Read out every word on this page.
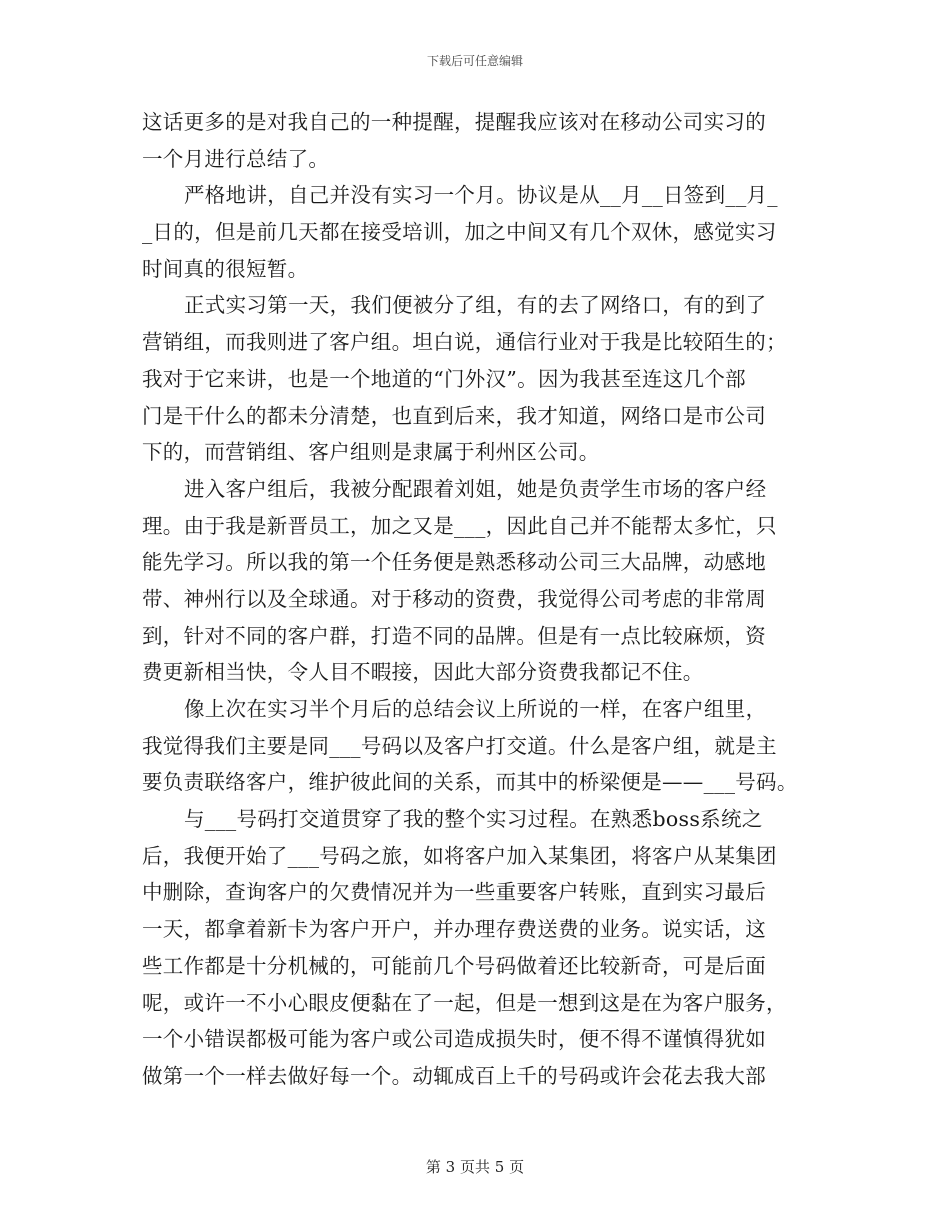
下载后可任意编辑
这话更多的是对我自己的一种提醒，提醒我应该对在移动公司实习的
一个月进行总结了。
严格地讲，自己并没有实习一个月。协议是从__月__日签到__月_
_日的，但是前几天都在接受培训，加之中间又有几个双休，感觉实习
时间真的很短暂。
正式实习第一天，我们便被分了组，有的去了网络口，有的到了
营销组，而我则进了客户组。坦白说，通信行业对于我是比较陌生的；
我对于它来讲，也是一个地道的“门外汉”。因为我甚至连这几个部
门是干什么的都未分清楚，也直到后来，我才知道，网络口是市公司
下的，而营销组、客户组则是隶属于利州区公司。
进入客户组后，我被分配跟着刘姐，她是负责学生市场的客户经
理。由于我是新晋员工，加之又是___，因此自己并不能帮太多忙，只
能先学习。所以我的第一个任务便是熟悉移动公司三大品牌，动感地
带、神州行以及全球通。对于移动的资费，我觉得公司考虑的非常周
到，针对不同的客户群，打造不同的品牌。但是有一点比较麻烦，资
费更新相当快，令人目不暇接，因此大部分资费我都记不住。
像上次在实习半个月后的总结会议上所说的一样，在客户组里，
我觉得我们主要是同___号码以及客户打交道。什么是客户组，就是主
要负责联络客户，维护彼此间的关系，而其中的桥梁便是——___号码。
与___号码打交道贯穿了我的整个实习过程。在熟悉boss系统之
后，我便开始了___号码之旅，如将客户加入某集团，将客户从某集团
中删除，查询客户的欠费情况并为一些重要客户转账，直到实习最后
一天，都拿着新卡为客户开户，并办理存费送费的业务。说实话，这
些工作都是十分机械的，可能前几个号码做着还比较新奇，可是后面
呢，或许一不小心眼皮便黏在了一起，但是一想到这是在为客户服务，
一个小错误都极可能为客户或公司造成损失时，便不得不谨慎得犹如
做第一个一样去做好每一个。动辄成百上千的号码或许会花去我大部
第 3 页共 5 页
